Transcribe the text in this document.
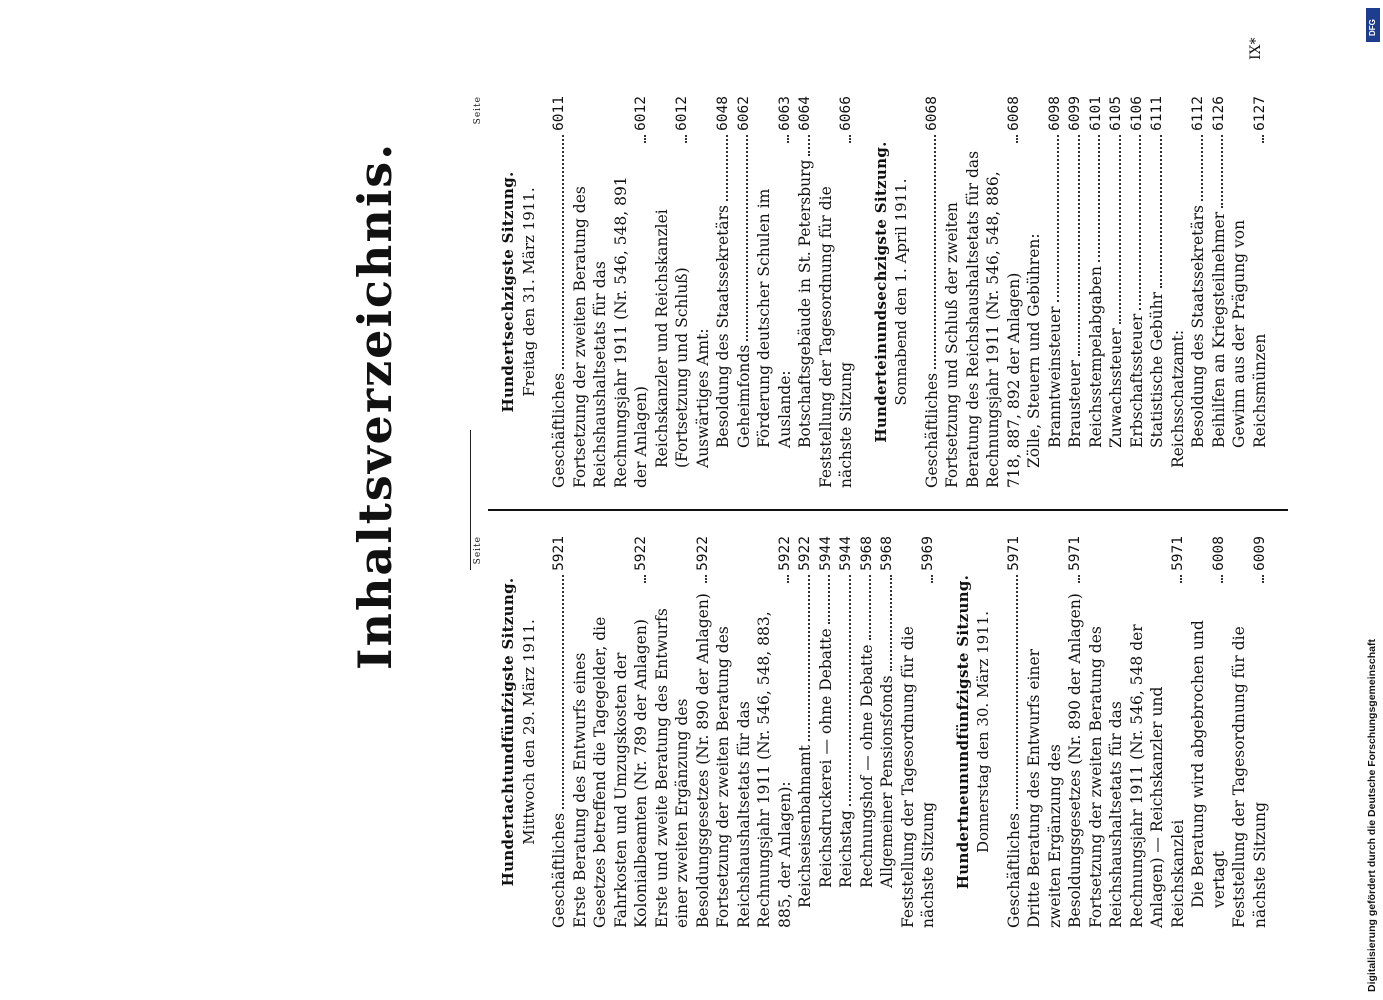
Inhaltsverzeichnis.	Seite
Hundertachtundfünfzigste Sitzung. Mittwoch den 29. März 1911.
Geschäftliches
5921
Erste Beratung des Entwurfs eines Gesetzes betreffend die Tagegelder, die Fahrkosten und Umzugskosten der Kolonialbeamten (Nr. 789 der Anlagen)
5922
Erste und zweite Beratung des Entwurfs einer zweiten Ergänzung des Besoldungsgesetzes (Nr. 890 der Anlagen)
5922
Fortsetzung der zweiten Beratung des Reichshaushaltsetats für das Rechnungsjahr 1911 (Nr. 546, 548, 883, 885, der Anlagen):
5922
Reichseisenbahnamt
5922
Reichsdruckerei — ohne Debatte
5944
Reichstag
5944
Rechnungshof — ohne Debatte
5968
Allgemeiner Pensionsfonds
5968
Feststellung der Tagesordnung für die nächste Sitzung
5969
Hundertneunundfünfzigste Sitzung. Donnerstag den 30. März 1911.
Geschäftliches
5971
Dritte Beratung des Entwurfs einer zweiten Ergänzung des Besoldungsgesetzes (Nr. 890 der Anlagen)
5971
Fortsetzung der zweiten Beratung des Reichshaushaltsetats für das Rechnungsjahr 1911 (Nr. 546, 548 der Anlagen) — Reichskanzler und Reichskanzlei
5971
Die Beratung wird abgebrochen und vertagt
6008
Feststellung der Tagesordnung für die nächste Sitzung
6009
Seite
Hundertsechzigste Sitzung. Freitag den 31. März 1911.
Geschäftliches
6011
Fortsetzung der zweiten Beratung des Reichshaushaltsetats für das Rechnungsjahr 1911 (Nr. 546, 548, 891 der Anlagen)
6012
Reichskanzler und Reichskanzlei (Fortsetzung und Schluß)
6012
Auswärtiges Amt: Besoldung des Staatssekretärs
6048
Geheimfonds
6062
Förderung deutscher Schulen im Auslande:
6063
Botschaftsgebäude in St. Petersburg
6064
Feststellung der Tagesordnung für die nächste Sitzung
6066
Hunderteinundsechzigste Sitzung. Sonnabend den 1. April 1911.
Geschäftliches
6068
Fortsetzung und Schluß der zweiten Beratung des Reichshaushaltsetats für das Rechnungsjahr 1911 (Nr. 546, 548, 886, 718, 887, 892 der Anlagen)
6068
Zölle, Steuern und Gebühren: Branntweinsteuer
6098
Brausteuer
6099
Reichsstempelabgaben
6101
Zuwachssteuer
6105
Erbschaftssteuer
6106
Statistische Gebühr
6111
Reichsschatzamt: Besoldung des Staatssekretärs
6112
Beihilfen an Kriegsteilnehmer
6126
Gewinn aus der Prägung von Reichsmünzen
6127
IX*
DFG
Digitalisierung gefördert durch die Deutsche Forschungsgemeinschaft
